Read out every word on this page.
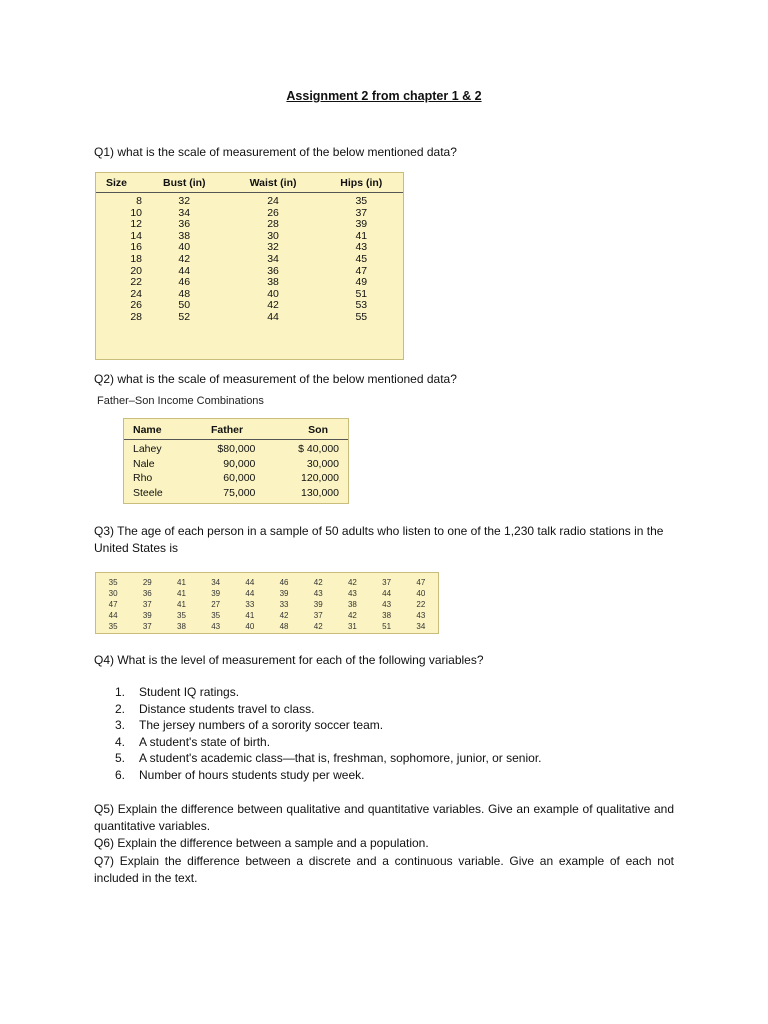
Assignment 2 from chapter 1 & 2
Q1) what is the scale of measurement of the below mentioned data?
Size	Bust (in)	Waist (in)	Hips (in)
8	32	24	35
10	34	26	37
12	36	28	39
14	38	30	41
16	40	32	43
18	42	34	45
20	44	36	47
22	46	38	49
24	48	40	51
26	50	42	53
28	52	44	55
Q2) what is the scale of measurement of the below mentioned data?
Father–Son Income Combinations
Name	Father	Son
Lahey	$80,000	$ 40,000
Nale	90,000	30,000
Rho	60,000	120,000
Steele	75,000	130,000
Q3) The age of each person in a sample of 50 adults who listen to one of the 1,230 talk radio stations in the United States is
35	29	41	34	44	46	42	42	37	47
30	36	41	39	44	39	43	43	44	40
47	37	41	27	33	33	39	38	43	22
44	39	35	35	41	42	37	42	38	43
35	37	38	43	40	48	42	31	51	34
Q4) What is the level of measurement for each of the following variables?
1.	Student IQ ratings.
2.	Distance students travel to class.
3.	The jersey numbers of a sorority soccer team.
4.	A student's state of birth.
5.	A student's academic class—that is, freshman, sophomore, junior, or senior.
6.	Number of hours students study per week.
Q5) Explain the difference between qualitative and quantitative variables. Give an example of qualitative and quantitative variables.
Q6) Explain the difference between a sample and a population.
Q7) Explain the difference between a discrete and a continuous variable. Give an example of each not included in the text.
